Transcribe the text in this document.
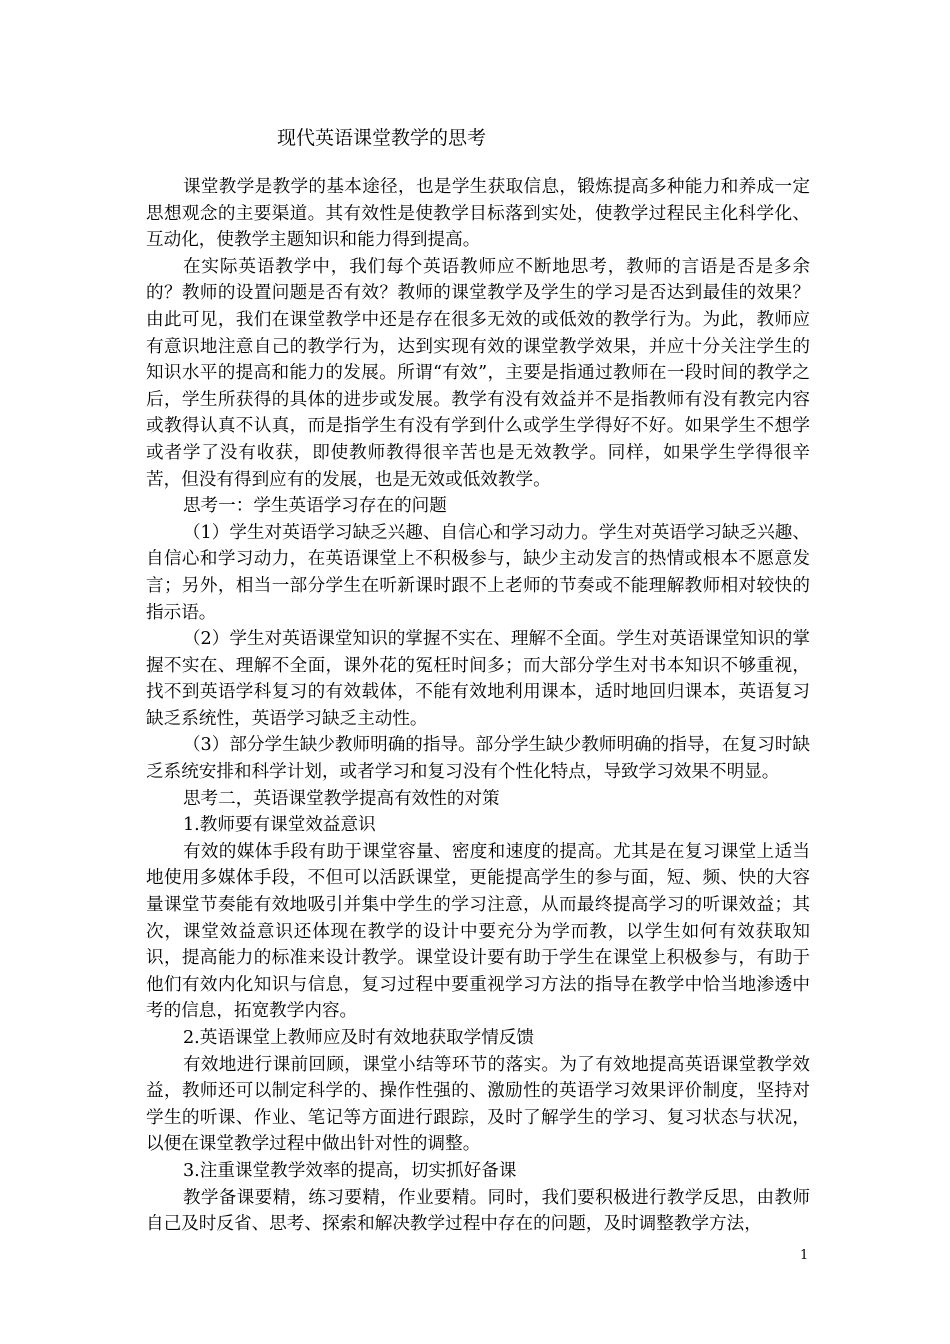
现代英语课堂教学的思考

课堂教学是教学的基本途径，也是学生获取信息，锻炼提高多种能力和养成一定思想观念的主要渠道。其有效性是使教学目标落到实处，使教学过程民主化科学化、互动化，使教学主题知识和能力得到提高。

在实际英语教学中，我们每个英语教师应不断地思考，教师的言语是否是多余的？教师的设置问题是否有效？教师的课堂教学及学生的学习是否达到最佳的效果？由此可见，我们在课堂教学中还是存在很多无效的或低效的教学行为。为此，教师应有意识地注意自己的教学行为，达到实现有效的课堂教学效果，并应十分关注学生的知识水平的提高和能力的发展。所谓“有效”，主要是指通过教师在一段时间的教学之后，学生所获得的具体的进步或发展。教学有没有效益并不是指教师有没有教完内容或教得认真不认真，而是指学生有没有学到什么或学生学得好不好。如果学生不想学或者学了没有收获，即使教师教得很辛苦也是无效教学。同样，如果学生学得很辛苦，但没有得到应有的发展，也是无效或低效教学。

思考一：学生英语学习存在的问题

（1）学生对英语学习缺乏兴趣、自信心和学习动力。学生对英语学习缺乏兴趣、自信心和学习动力，在英语课堂上不积极参与，缺少主动发言的热情或根本不愿意发言；另外，相当一部分学生在听新课时跟不上老师的节奏或不能理解教师相对较快的指示语。

（2）学生对英语课堂知识的掌握不实在、理解不全面。学生对英语课堂知识的掌握不实在、理解不全面，课外花的冤枉时间多；而大部分学生对书本知识不够重视，找不到英语学科复习的有效载体，不能有效地利用课本，适时地回归课本，英语复习缺乏系统性，英语学习缺乏主动性。

（3）部分学生缺少教师明确的指导。部分学生缺少教师明确的指导，在复习时缺乏系统安排和科学计划，或者学习和复习没有个性化特点，导致学习效果不明显。

思考二，英语课堂教学提高有效性的对策

1.教师要有课堂效益意识

有效的媒体手段有助于课堂容量、密度和速度的提高。尤其是在复习课堂上适当地使用多媒体手段，不但可以活跃课堂，更能提高学生的参与面，短、频、快的大容量课堂节奏能有效地吸引并集中学生的学习注意，从而最终提高学习的听课效益；其次，课堂效益意识还体现在教学的设计中要充分为学而教，以学生如何有效获取知识，提高能力的标准来设计教学。课堂设计要有助于学生在课堂上积极参与，有助于他们有效内化知识与信息，复习过程中要重视学习方法的指导在教学中恰当地渗透中考的信息，拓宽教学内容。

2.英语课堂上教师应及时有效地获取学情反馈

有效地进行课前回顾，课堂小结等环节的落实。为了有效地提高英语课堂教学效益，教师还可以制定科学的、操作性强的、激励性的英语学习效果评价制度，坚持对学生的听课、作业、笔记等方面进行跟踪，及时了解学生的学习、复习状态与状况，以便在课堂教学过程中做出针对性的调整。

3.注重课堂教学效率的提高，切实抓好备课

教学备课要精，练习要精，作业要精。同时，我们要积极进行教学反思，由教师自己及时反省、思考、探索和解决教学过程中存在的问题，及时调整教学方法，

1
